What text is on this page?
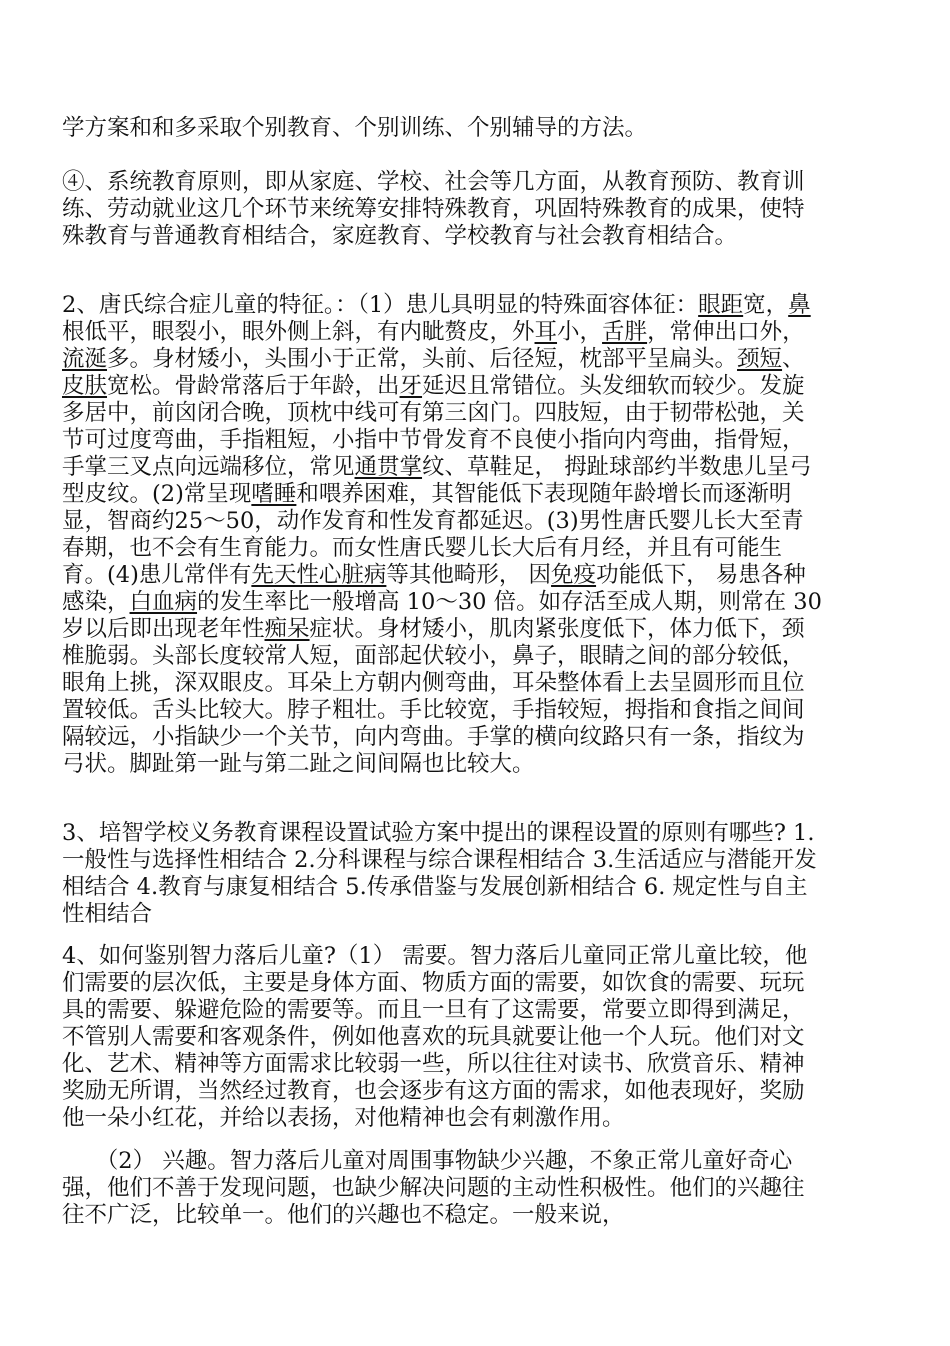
学方案和和多采取个别教育、个别训练、个别辅导的方法。

④、系统教育原则，即从家庭、学校、社会等几方面，从教育预防、教育训练、劳动就业这几个环节来统筹安排特殊教育，巩固特殊教育的成果，使特殊教育与普通教育相结合，家庭教育、学校教育与社会教育相结合。

2、唐氏综合症儿童的特征。：（1）患儿具明显的特殊面容体征：眼距宽，鼻根低平，眼裂小，眼外侧上斜，有内眦赘皮，外耳小，舌胖，常伸出口外，流涎多。身材矮小，头围小于正常，头前、后径短，枕部平呈扁头。颈短、皮肤宽松。骨龄常落后于年龄，出牙延迟且常错位。头发细软而较少。发旋多居中，前囟闭合晚，顶枕中线可有第三囟门。四肢短，由于韧带松弛，关节可过度弯曲，手指粗短，小指中节骨发育不良使小指向内弯曲，指骨短，手掌三叉点向远端移位，常见通贯掌纹、草鞋足， 拇趾球部约半数患儿呈弓型皮纹。(2)常呈现嗜睡和喂养困难，其智能低下表现随年龄增长而逐渐明显，智商约25～50，动作发育和性发育都延迟。(3)男性唐氏婴儿长大至青春期，也不会有生育能力。而女性唐氏婴儿长大后有月经，并且有可能生育。(4)患儿常伴有先天性心脏病等其他畸形， 因免疫功能低下， 易患各种感染，白血病的发生率比一般增高 10～30 倍。如存活至成人期，则常在 30 岁以后即出现老年性痴呆症状。身材矮小，肌肉紧张度低下，体力低下，颈椎脆弱。头部长度较常人短，面部起伏较小，鼻子，眼睛之间的部分较低，眼角上挑，深双眼皮。耳朵上方朝内侧弯曲，耳朵整体看上去呈圆形而且位置较低。舌头比较大。脖子粗壮。手比较宽，手指较短，拇指和食指之间间隔较远，小指缺少一个关节，向内弯曲。手掌的横向纹路只有一条，指纹为弓状。脚趾第一趾与第二趾之间间隔也比较大。

3、培智学校义务教育课程设置试验方案中提出的课程设置的原则有哪些? 1.一般性与选择性相结合 2.分科课程与综合课程相结合 3.生活适应与潜能开发相结合 4.教育与康复相结合 5.传承借鉴与发展创新相结合 6. 规定性与自主性相结合

4、如何鉴别智力落后儿童?（1） 需要。智力落后儿童同正常儿童比较，他们需要的层次低，主要是身体方面、物质方面的需要，如饮食的需要、玩玩具的需要、躲避危险的需要等。而且一旦有了这需要，常要立即得到满足，不管别人需要和客观条件，例如他喜欢的玩具就要让他一个人玩。他们对文化、艺术、精神等方面需求比较弱一些，所以往往对读书、欣赏音乐、精神奖励无所谓，当然经过教育，也会逐步有这方面的需求，如他表现好，奖励他一朵小红花，并给以表扬，对他精神也会有刺激作用。

（2） 兴趣。智力落后儿童对周围事物缺少兴趣，不象正常儿童好奇心强，他们不善于发现问题，也缺少解决问题的主动性积极性。他们的兴趣往往不广泛，比较单一。他们的兴趣也不稳定。一般来说，
